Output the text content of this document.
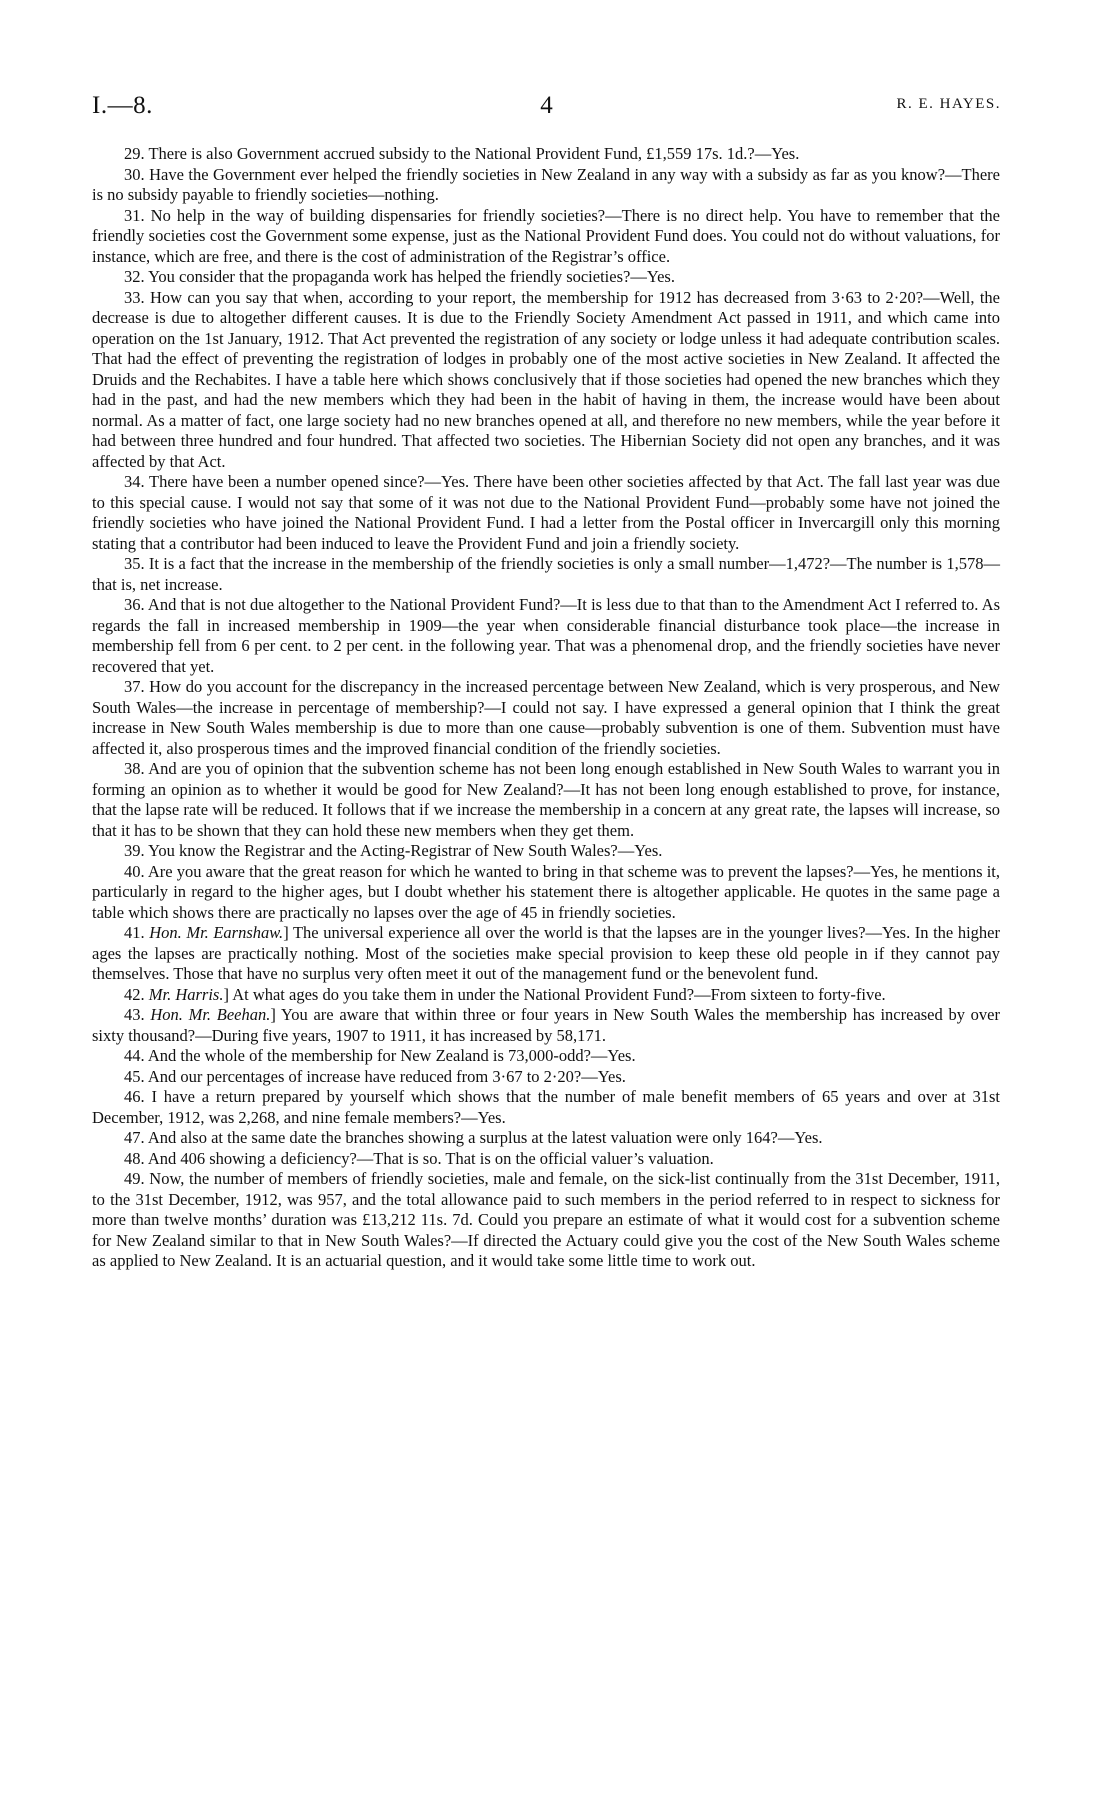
I.—8.	4	R. E. HAYES.

29. There is also Government accrued subsidy to the National Provident Fund, £1,559 17s. 1d.?—Yes.

30. Have the Government ever helped the friendly societies in New Zealand in any way with a subsidy as far as you know?—There is no subsidy payable to friendly societies—nothing.

31. No help in the way of building dispensaries for friendly societies?—There is no direct help. You have to remember that the friendly societies cost the Government some expense, just as the National Provident Fund does. You could not do without valuations, for instance, which are free, and there is the cost of administration of the Registrar’s office.

32. You consider that the propaganda work has helped the friendly societies?—Yes.

33. How can you say that when, according to your report, the membership for 1912 has decreased from 3·63 to 2·20?—Well, the decrease is due to altogether different causes. It is due to the Friendly Society Amendment Act passed in 1911, and which came into operation on the 1st January, 1912. That Act prevented the registration of any society or lodge unless it had adequate contribution scales. That had the effect of preventing the registration of lodges in probably one of the most active societies in New Zealand. It affected the Druids and the Rechabites. I have a table here which shows conclusively that if those societies had opened the new branches which they had in the past, and had the new members which they had been in the habit of having in them, the increase would have been about normal. As a matter of fact, one large society had no new branches opened at all, and therefore no new members, while the year before it had between three hundred and four hundred. That affected two societies. The Hibernian Society did not open any branches, and it was affected by that Act.

34. There have been a number opened since?—Yes. There have been other societies affected by that Act. The fall last year was due to this special cause. I would not say that some of it was not due to the National Provident Fund—probably some have not joined the friendly societies who have joined the National Provident Fund. I had a letter from the Postal officer in Invercargill only this morning stating that a contributor had been induced to leave the Provident Fund and join a friendly society.

35. It is a fact that the increase in the membership of the friendly societies is only a small number—1,472?—The number is 1,578—that is, net increase.

36. And that is not due altogether to the National Provident Fund?—It is less due to that than to the Amendment Act I referred to. As regards the fall in increased membership in 1909—the year when considerable financial disturbance took place—the increase in membership fell from 6 per cent. to 2 per cent. in the following year. That was a phenomenal drop, and the friendly societies have never recovered that yet.

37. How do you account for the discrepancy in the increased percentage between New Zealand, which is very prosperous, and New South Wales—the increase in percentage of membership?—I could not say. I have expressed a general opinion that I think the great increase in New South Wales membership is due to more than one cause—probably subvention is one of them. Subvention must have affected it, also prosperous times and the improved financial condition of the friendly societies.

38. And are you of opinion that the subvention scheme has not been long enough established in New South Wales to warrant you in forming an opinion as to whether it would be good for New Zealand?—It has not been long enough established to prove, for instance, that the lapse rate will be reduced. It follows that if we increase the membership in a concern at any great rate, the lapses will increase, so that it has to be shown that they can hold these new members when they get them.

39. You know the Registrar and the Acting-Registrar of New South Wales?—Yes.

40. Are you aware that the great reason for which he wanted to bring in that scheme was to prevent the lapses?—Yes, he mentions it, particularly in regard to the higher ages, but I doubt whether his statement there is altogether applicable. He quotes in the same page a table which shows there are practically no lapses over the age of 45 in friendly societies.

41. Hon. Mr. Earnshaw.] The universal experience all over the world is that the lapses are in the younger lives?—Yes. In the higher ages the lapses are practically nothing. Most of the societies make special provision to keep these old people in if they cannot pay themselves. Those that have no surplus very often meet it out of the management fund or the benevolent fund.

42. Mr. Harris.] At what ages do you take them in under the National Provident Fund?—From sixteen to forty-five.

43. Hon. Mr. Beehan.] You are aware that within three or four years in New South Wales the membership has increased by over sixty thousand?—During five years, 1907 to 1911, it has increased by 58,171.

44. And the whole of the membership for New Zealand is 73,000-odd?—Yes.

45. And our percentages of increase have reduced from 3·67 to 2·20?—Yes.

46. I have a return prepared by yourself which shows that the number of male benefit members of 65 years and over at 31st December, 1912, was 2,268, and nine female members?—Yes.

47. And also at the same date the branches showing a surplus at the latest valuation were only 164?—Yes.

48. And 406 showing a deficiency?—That is so. That is on the official valuer’s valuation.

49. Now, the number of members of friendly societies, male and female, on the sick-list continually from the 31st December, 1911, to the 31st December, 1912, was 957, and the total allowance paid to such members in the period referred to in respect to sickness for more than twelve months’ duration was £13,212 11s. 7d. Could you prepare an estimate of what it would cost for a subvention scheme for New Zealand similar to that in New South Wales?—If directed the Actuary could give you the cost of the New South Wales scheme as applied to New Zealand. It is an actuarial question, and it would take some little time to work out.
